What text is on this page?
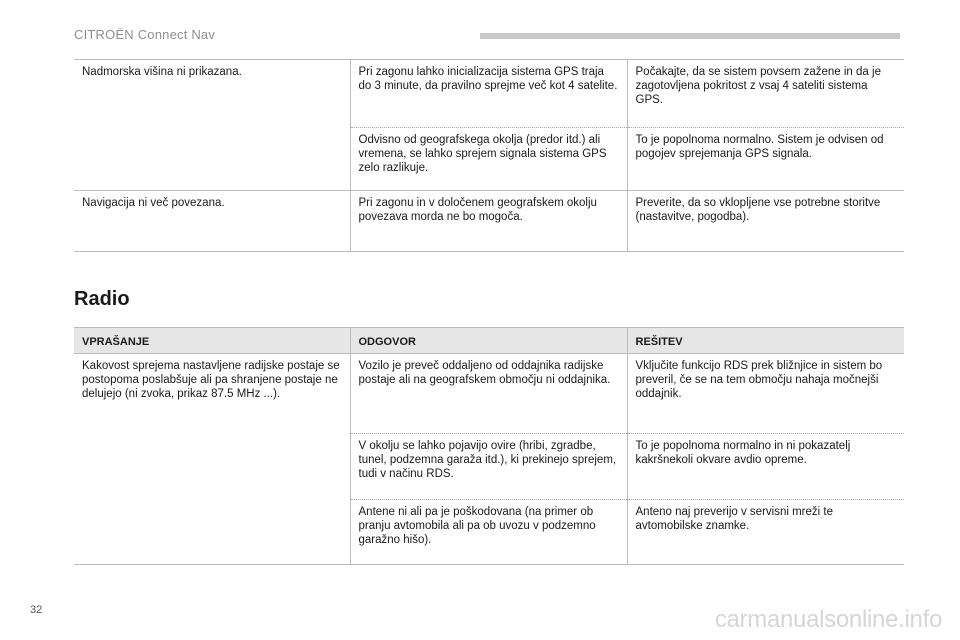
CITROËN Connect Nav
Nadmorska višina ni prikazana.	Pri zagonu lahko inicializacija sistema GPS traja do 3 minute, da pravilno sprejme več kot 4 satelite.	Počakajte, da se sistem povsem zažene in da je zagotovljena pokritost z vsaj 4 sateliti sistema GPS.
	Odvisno od geografskega okolja (predor itd.) ali vremena, se lahko sprejem signala sistema GPS zelo razlikuje.	To je popolnoma normalno. Sistem je odvisen od pogojev sprejemanja GPS signala.
Navigacija ni več povezana.	Pri zagonu in v določenem geografskem okolju povezava morda ne bo mogoča.	Preverite, da so vklopljene vse potrebne storitve (nastavitve, pogodba).
Radio
VPRAŠANJE	ODGOVOR	REŠITEV
Kakovost sprejema nastavljene radijske postaje se postopoma poslabšuje ali pa shranjene postaje ne delujejo (ni zvoka, prikaz 87.5 MHz ...).	Vozilo je preveč oddaljeno od oddajnika radijske postaje ali na geografskem območju ni oddajnika.	Vključite funkcijo RDS prek bližnjice in sistem bo preveril, če se na tem območju nahaja močnejši oddajnik.
	V okolju se lahko pojavijo ovire (hribi, zgradbe, tunel, podzemna garaža itd.), ki prekinejo sprejem, tudi v načinu RDS.	To je popolnoma normalno in ni pokazatelj kakršnekoli okvare avdio opreme.
	Antene ni ali pa je poškodovana (na primer ob pranju avtomobila ali pa ob uvozu v podzemno garažno hišo).	Anteno naj preverijo v servisni mreži te avtomobilske znamke.
32	carmanualsonline.info
